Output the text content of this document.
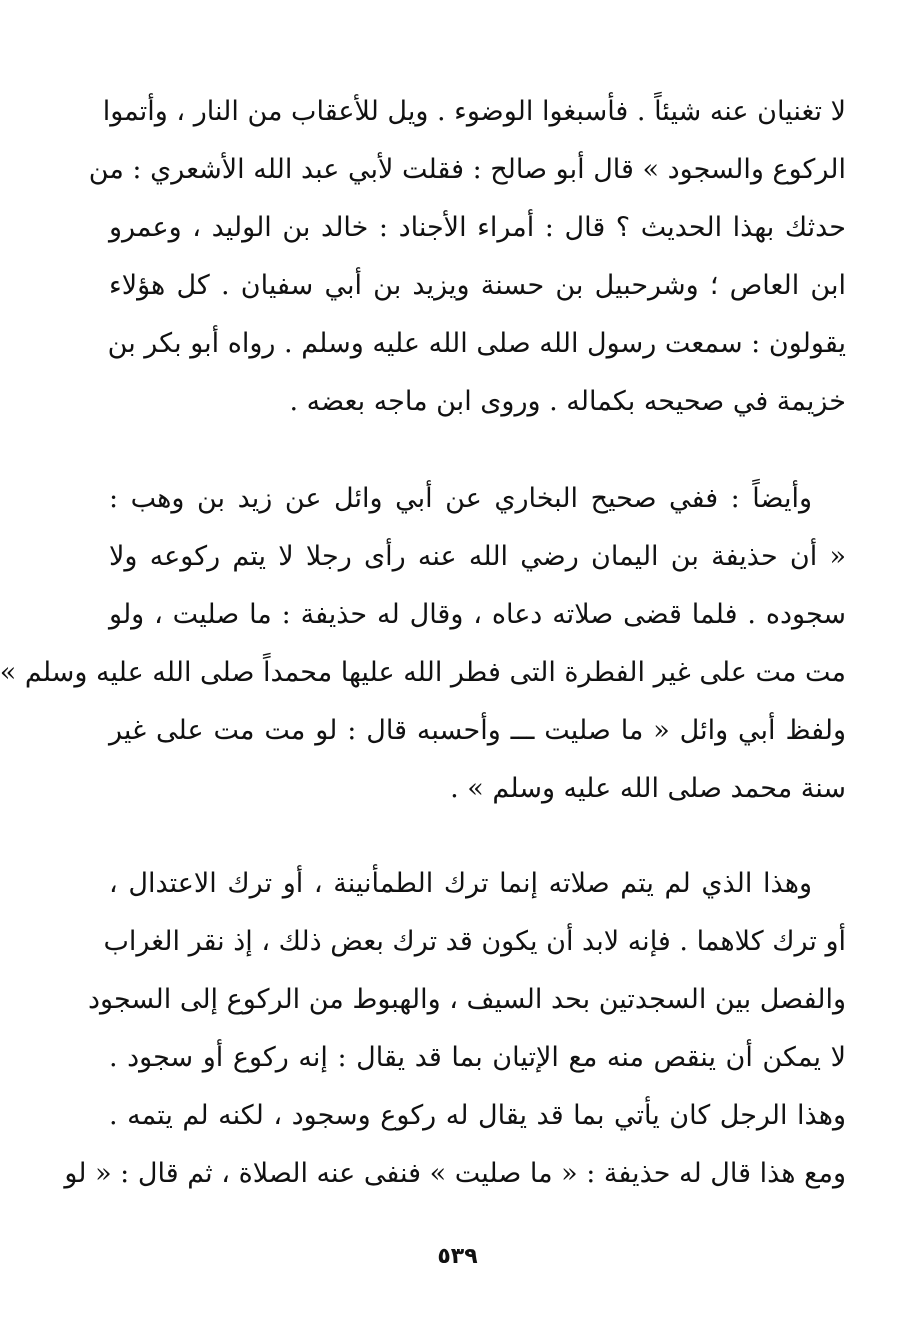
لا تغنيان عنه شيئاً . فأسبغوا الوضوء . ويل للأعقاب من النار ، وأتموا
الركوع والسجود » قال أبو صالح : فقلت لأبي عبد الله الأشعري : من
حدثك بهذا الحديث ؟ قال : أمراء الأجناد : خالد بن الوليد ، وعمرو
ابن العاص ؛ وشرحبيل بن حسنة ويزيد بن أبي سفيان . كل هؤلاء
يقولون : سمعت رسول الله صلى الله عليه وسلم . رواه أبو بكر بن
خزيمة في صحيحه بكماله . وروى ابن ماجه بعضه .
وأيضاً : ففي صحيح البخاري عن أبي وائل عن زيد بن وهب :
« أن حذيفة بن اليمان رضي الله عنه رأى رجلا لا يتم ركوعه ولا
سجوده . فلما قضى صلاته دعاه ، وقال له حذيفة : ما صليت ، ولو
مت مت على غير الفطرة التى فطر الله عليها محمداً صلى الله عليه وسلم »
ولفظ أبي وائل « ما صليت ـــ وأحسبه قال : لو مت مت على غير
سنة محمد صلى الله عليه وسلم » .
وهذا الذي لم يتم صلاته إنما ترك الطمأنينة ، أو ترك الاعتدال ،
أو ترك كلاهما . فإنه لابد أن يكون قد ترك بعض ذلك ، إذ نقر الغراب
والفصل بين السجدتين بحد السيف ، والهبوط من الركوع إلى السجود
لا يمكن أن ينقص منه مع الإتيان بما قد يقال : إنه ركوع أو سجود .
وهذا الرجل كان يأتي بما قد يقال له ركوع وسجود ، لكنه لم يتمه .
ومع هذا قال له حذيفة : « ما صليت » فنفى عنه الصلاة ، ثم قال : « لو
٥٣٩
